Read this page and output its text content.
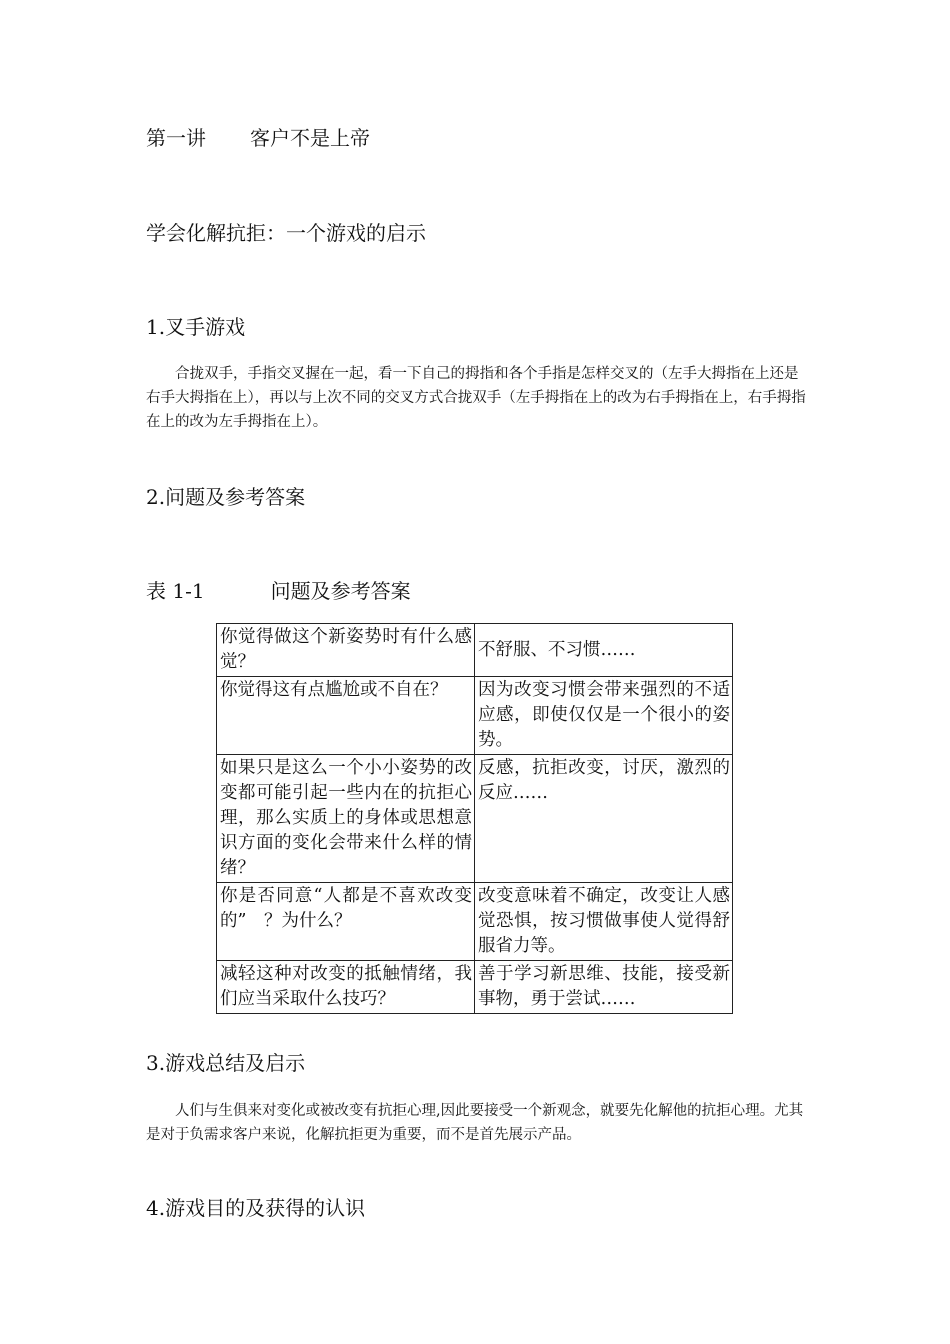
第一讲 客户不是上帝
学会化解抗拒：一个游戏的启示
1.叉手游戏

合拢双手，手指交叉握在一起，看一下自己的拇指和各个手指是怎样交叉的（左手大拇指在上还是右手大拇指在上），再以与上次不同的交叉方式合拢双手（左手拇指在上的改为右手拇指在上，右手拇指在上的改为左手拇指在上）。

2.问题及参考答案
表 1-1	问题及参考答案
你觉得做这个新姿势时有什么感觉？	不舒服、不习惯……
你觉得这有点尴尬或不自在？	因为改变习惯会带来强烈的不适应感，即使仅仅是一个很小的姿势。
如果只是这么一个小小姿势的改变都可能引起一些内在的抗拒心理，那么实质上的身体或思想意识方面的变化会带来什么样的情绪？	反感，抗拒改变，讨厌，激烈的反应……
你是否同意“人都是不喜欢改变的”　？为什么？	改变意味着不确定，改变让人感觉恐惧，按习惯做事使人觉得舒服省力等。
减轻这种对改变的抵触情绪，我们应当采取什么技巧？	善于学习新思维、技能，接受新事物，勇于尝试……
3.游戏总结及启示

人们与生俱来对变化或被改变有抗拒心理,因此要接受一个新观念，就要先化解他的抗拒心理。尤其是对于负需求客户来说，化解抗拒更为重要，而不是首先展示产品。

4.游戏目的及获得的认识
